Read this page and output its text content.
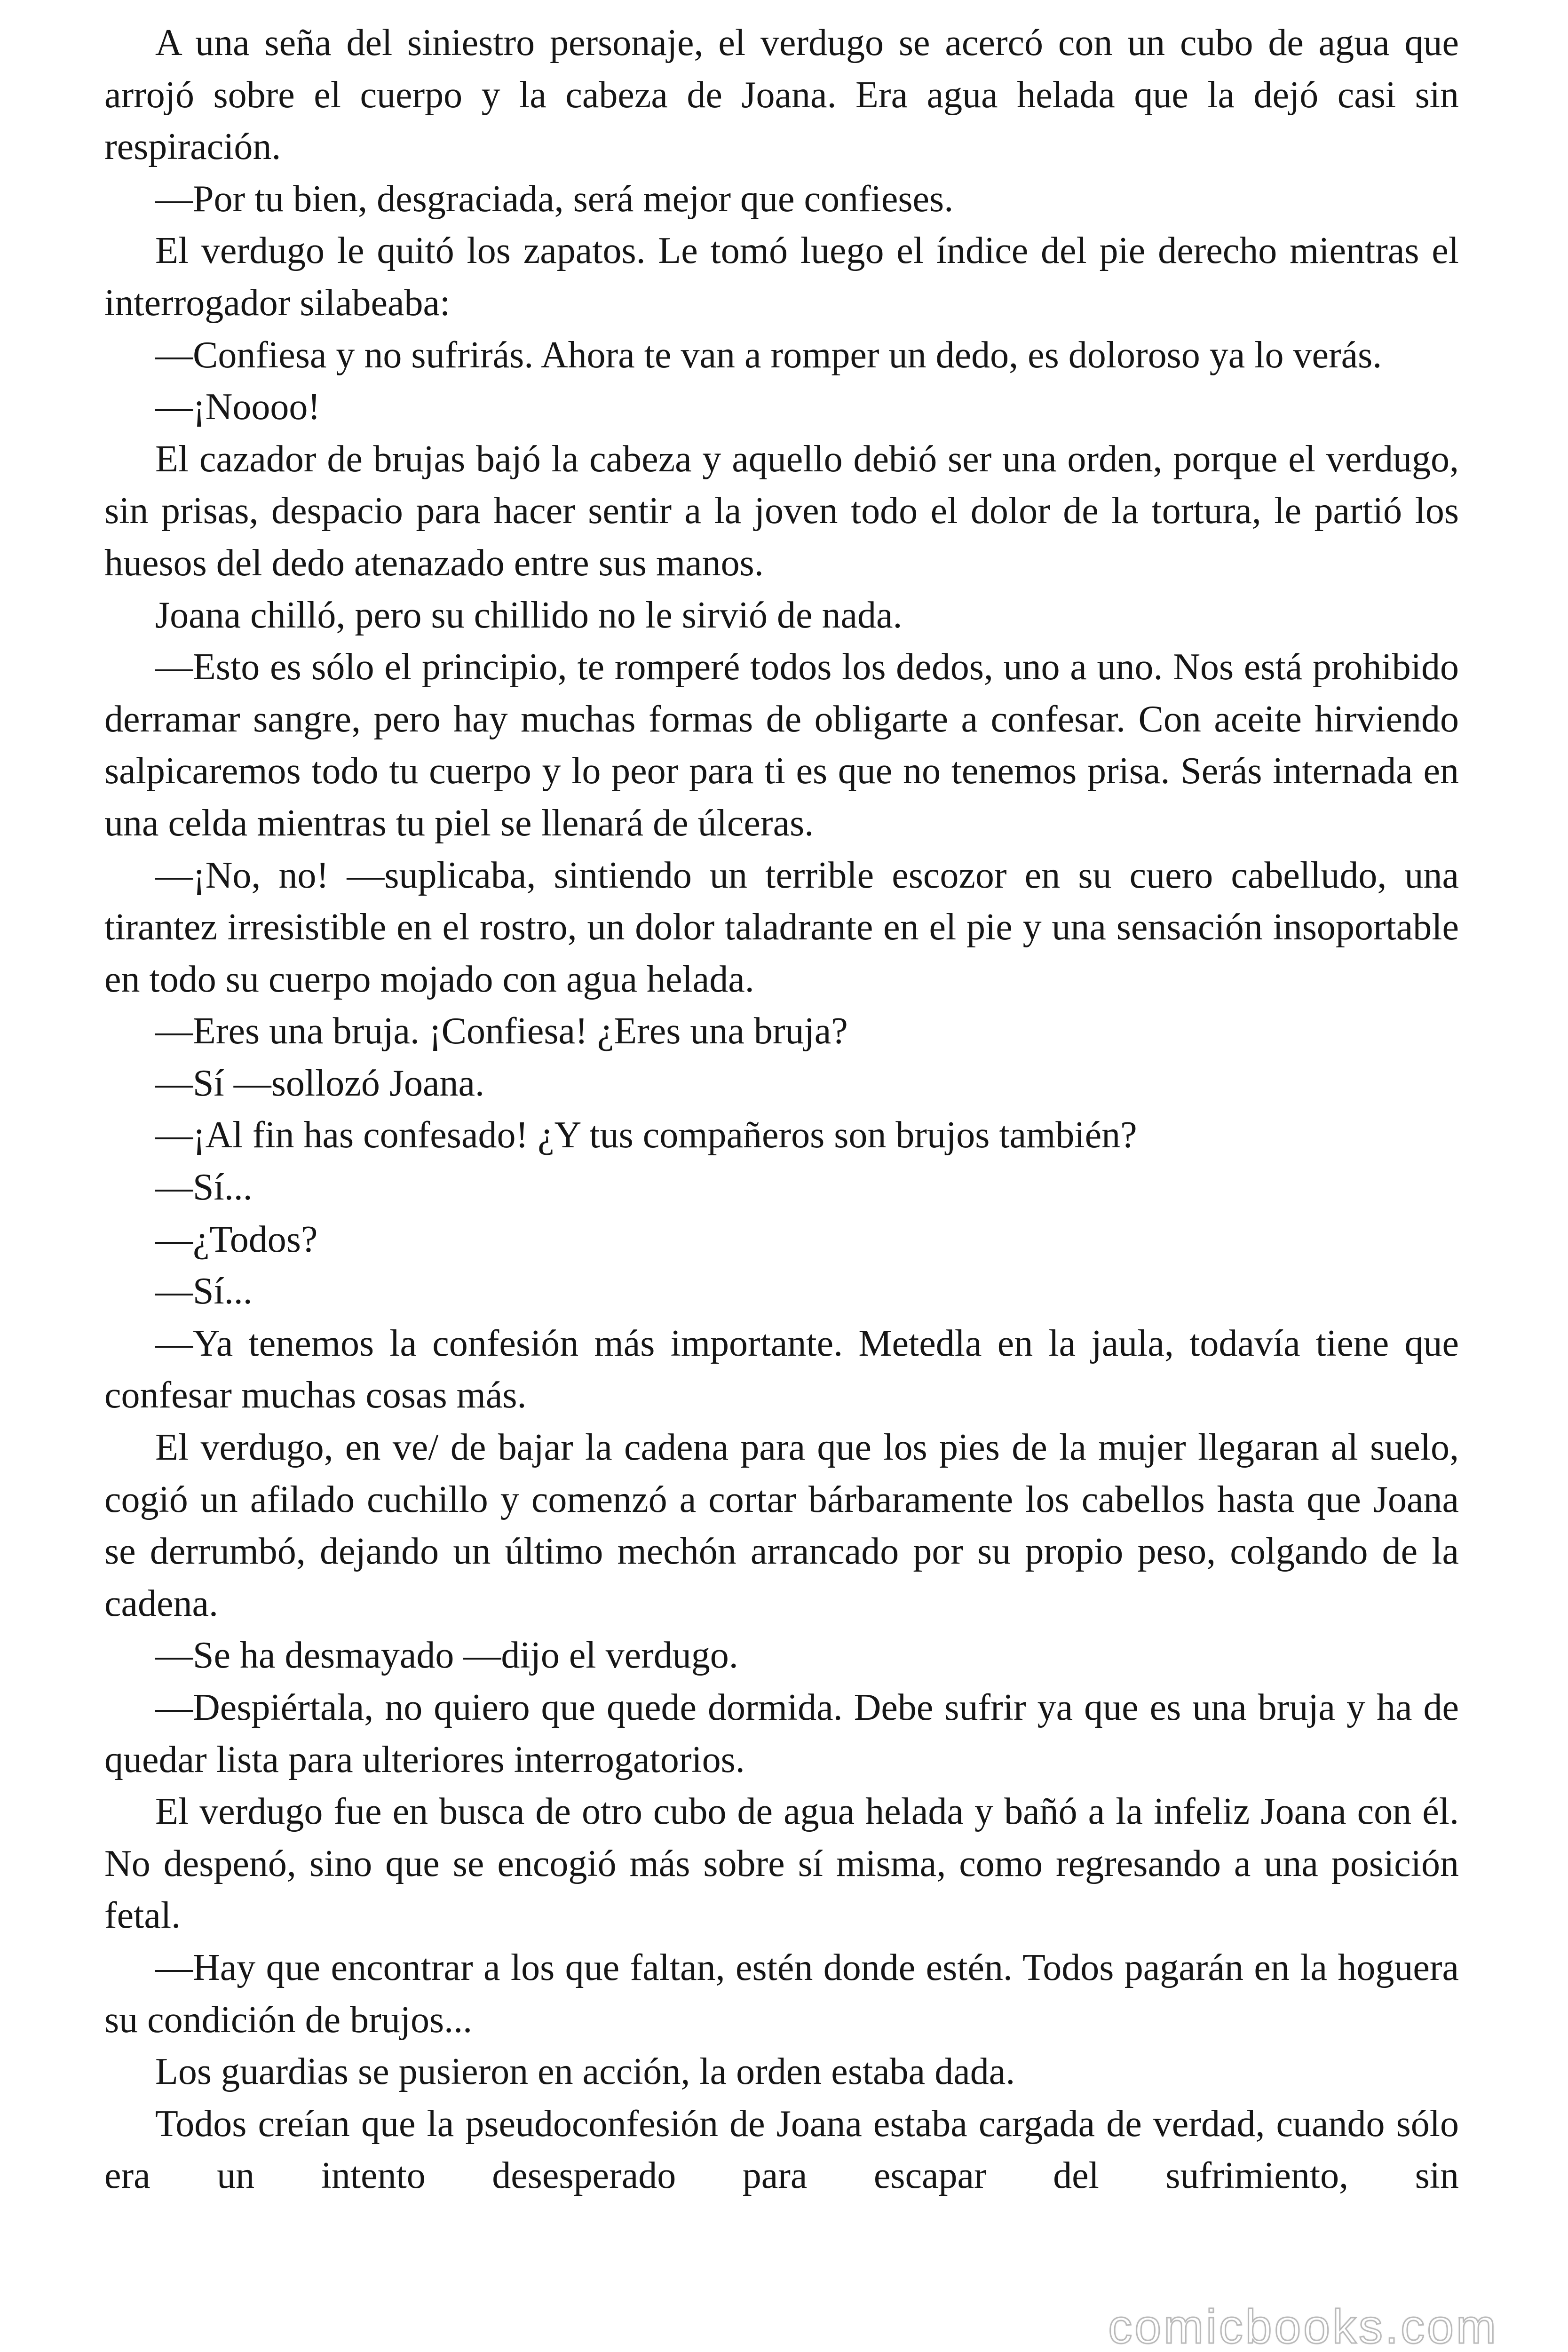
A una seña del siniestro personaje, el verdugo se acercó con un cubo de agua que arrojó sobre el cuerpo y la cabeza de Joana. Era agua helada que la dejó casi sin respiración.

—Por tu bien, desgraciada, será mejor que confieses.

El verdugo le quitó los zapatos. Le tomó luego el índice del pie derecho mientras el interrogador silabeaba:

—Confiesa y no sufrirás. Ahora te van a romper un dedo, es doloroso ya lo verás.

—¡Noooo!

El cazador de brujas bajó la cabeza y aquello debió ser una orden, porque el verdugo, sin prisas, despacio para hacer sentir a la joven todo el dolor de la tortura, le partió los huesos del dedo atenazado entre sus manos.

Joana chilló, pero su chillido no le sirvió de nada.

—Esto es sólo el principio, te romperé todos los dedos, uno a uno. Nos está prohibido derramar sangre, pero hay muchas formas de obligarte a confesar. Con aceite hirviendo salpicaremos todo tu cuerpo y lo peor para ti es que no tenemos prisa. Serás internada en una celda mientras tu piel se llenará de úlceras.

—¡No, no! —suplicaba, sintiendo un terrible escozor en su cuero cabelludo, una tirantez irresistible en el rostro, un dolor taladrante en el pie y una sensación insoportable en todo su cuerpo mojado con agua helada.

—Eres una bruja. ¡Confiesa! ¿Eres una bruja?

—Sí —sollozó Joana.

—¡Al fin has confesado! ¿Y tus compañeros son brujos también?

—Sí...

—¿Todos?

—Sí...

—Ya tenemos la confesión más importante. Metedla en la jaula, todavía tiene que confesar muchas cosas más.

El verdugo, en ve/ de bajar la cadena para que los pies de la mujer llegaran al suelo, cogió un afilado cuchillo y comenzó a cortar bárbaramente los cabellos hasta que Joana se derrumbó, dejando un último mechón arrancado por su propio peso, colgando de la cadena.

—Se ha desmayado —dijo el verdugo.

—Despiértala, no quiero que quede dormida. Debe sufrir ya que es una bruja y ha de quedar lista para ulteriores interrogatorios.

El verdugo fue en busca de otro cubo de agua helada y bañó a la infeliz Joana con él. No despenó, sino que se encogió más sobre sí misma, como regresando a una posición fetal.

—Hay que encontrar a los que faltan, estén donde estén. Todos pagarán en la hoguera su condición de brujos...

Los guardias se pusieron en acción, la orden estaba dada.

Todos creían que la pseudoconfesión de Joana estaba cargada de verdad, cuando sólo era un intento desesperado para escapar del sufrimiento, sin

comicbooks.com
